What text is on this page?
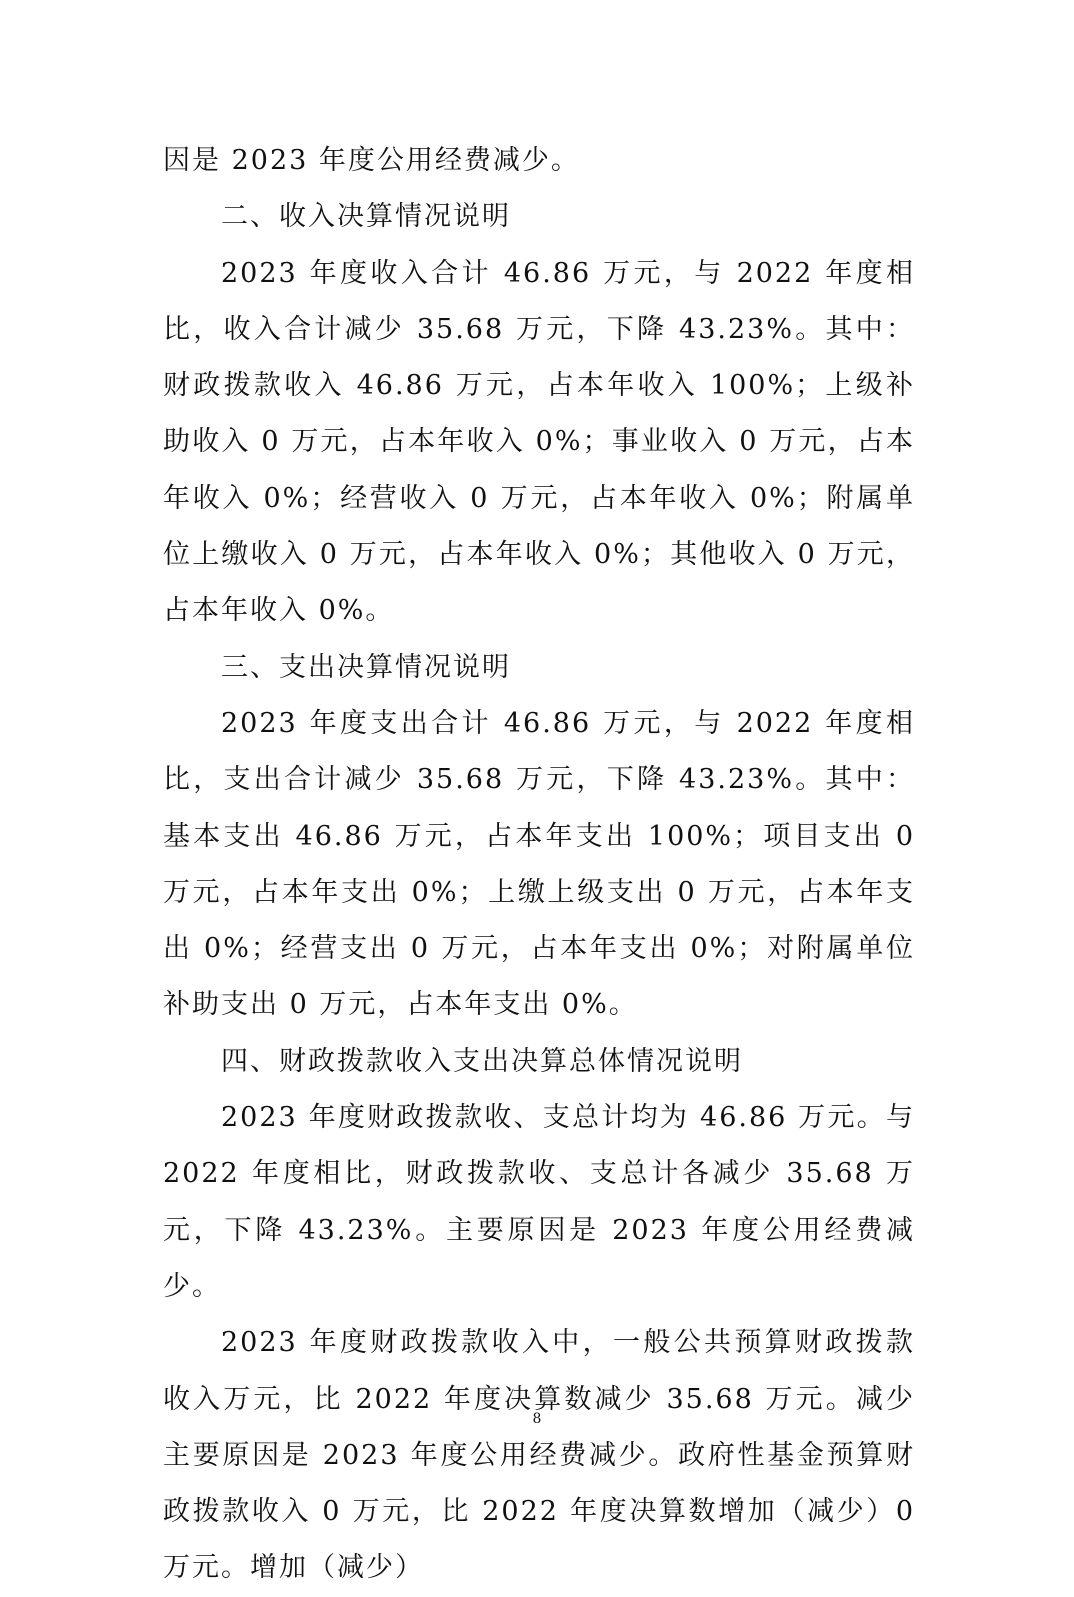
因是 2023 年度公用经费减少。

二、收入决算情况说明

2023 年度收入合计 46.86 万元，与 2022 年度相比，收入合计减少 35.68 万元，下降 43.23%。其中：财政拨款收入 46.86 万元，占本年收入 100%；上级补助收入 0 万元，占本年收入 0%；事业收入 0 万元，占本年收入 0%；经营收入 0 万元，占本年收入 0%；附属单位上缴收入 0 万元，占本年收入 0%；其他收入 0 万元，占本年收入 0%。

三、支出决算情况说明

2023 年度支出合计 46.86 万元，与 2022 年度相比，支出合计减少 35.68 万元，下降 43.23%。其中：基本支出 46.86 万元，占本年支出 100%；项目支出 0 万元，占本年支出 0%；上缴上级支出 0 万元，占本年支出 0%；经营支出 0 万元，占本年支出 0%；对附属单位补助支出 0 万元，占本年支出 0%。

四、财政拨款收入支出决算总体情况说明

2023 年度财政拨款收、支总计均为 46.86 万元。与 2022 年度相比，财政拨款收、支总计各减少 35.68 万元，下降 43.23%。主要原因是 2023 年度公用经费减少。

2023 年度财政拨款收入中，一般公共预算财政拨款收入万元，比 2022 年度决算数减少 35.68 万元。减少主要原因是 2023 年度公用经费减少。政府性基金预算财政拨款收入 0 万元，比 2022 年度决算数增加（减少）0 万元。增加（减少）

8
